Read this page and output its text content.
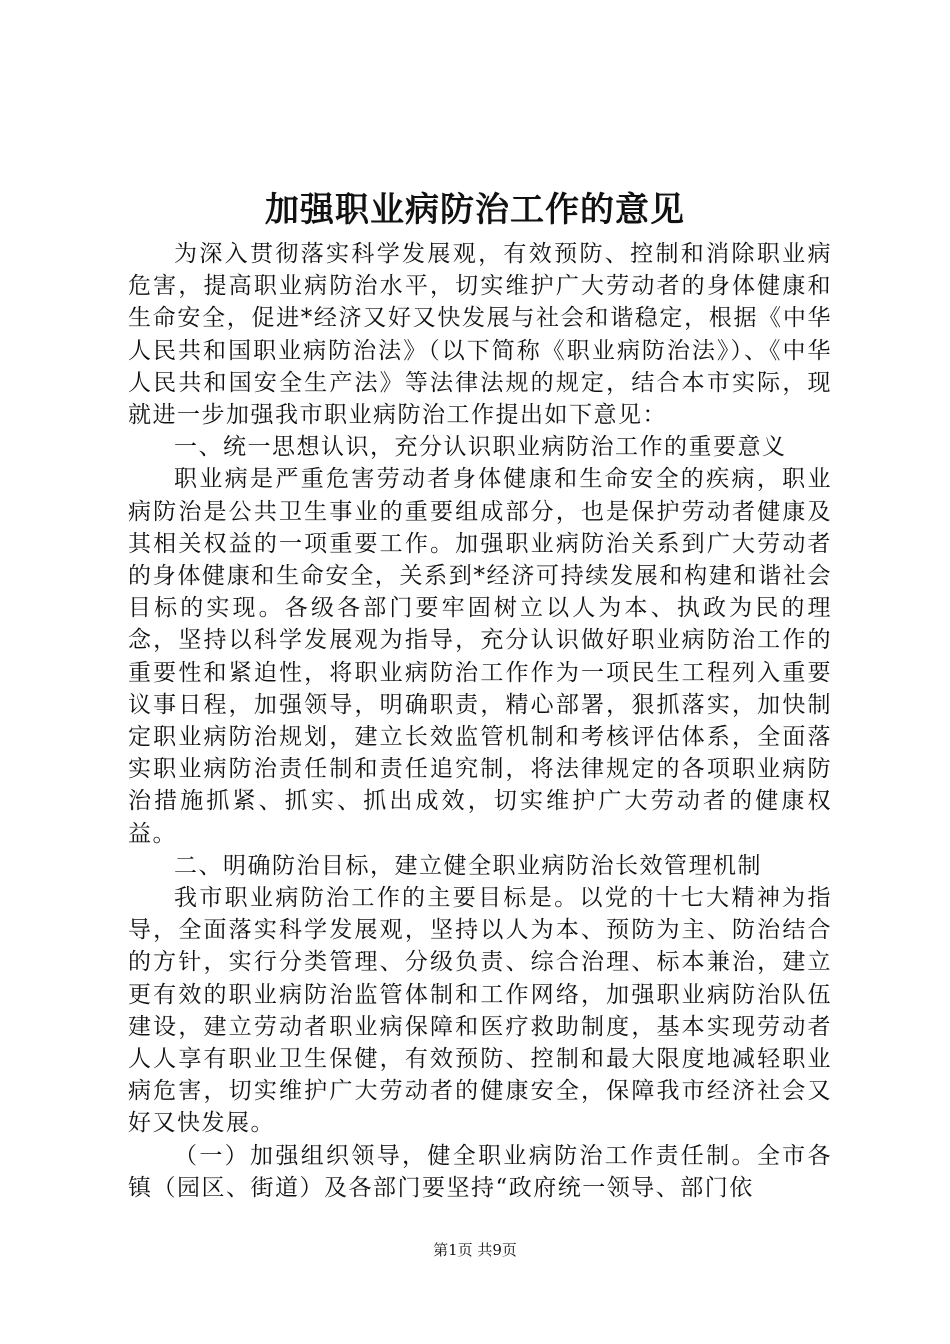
加强职业病防治工作的意见

为深入贯彻落实科学发展观，有效预防、控制和消除职业病危害，提高职业病防治水平，切实维护广大劳动者的身体健康和生命安全，促进*经济又好又快发展与社会和谐稳定，根据《中华人民共和国职业病防治法》（以下简称《职业病防治法》）、《中华人民共和国安全生产法》等法律法规的规定，结合本市实际，现就进一步加强我市职业病防治工作提出如下意见：

一、统一思想认识，充分认识职业病防治工作的重要意义

职业病是严重危害劳动者身体健康和生命安全的疾病，职业病防治是公共卫生事业的重要组成部分，也是保护劳动者健康及其相关权益的一项重要工作。加强职业病防治关系到广大劳动者的身体健康和生命安全，关系到*经济可持续发展和构建和谐社会目标的实现。各级各部门要牢固树立以人为本、执政为民的理念，坚持以科学发展观为指导，充分认识做好职业病防治工作的重要性和紧迫性，将职业病防治工作作为一项民生工程列入重要议事日程，加强领导，明确职责，精心部署，狠抓落实，加快制定职业病防治规划，建立长效监管机制和考核评估体系，全面落实职业病防治责任制和责任追究制，将法律规定的各项职业病防治措施抓紧、抓实、抓出成效，切实维护广大劳动者的健康权益。

二、明确防治目标，建立健全职业病防治长效管理机制

我市职业病防治工作的主要目标是。以党的十七大精神为指导，全面落实科学发展观，坚持以人为本、预防为主、防治结合的方针，实行分类管理、分级负责、综合治理、标本兼治，建立更有效的职业病防治监管体制和工作网络，加强职业病防治队伍建设，建立劳动者职业病保障和医疗救助制度，基本实现劳动者人人享有职业卫生保健，有效预防、控制和最大限度地减轻职业病危害，切实维护广大劳动者的健康安全，保障我市经济社会又好又快发展。

（一）加强组织领导，健全职业病防治工作责任制。全市各镇（园区、街道）及各部门要坚持“政府统一领导、部门依

第1页 共9页
